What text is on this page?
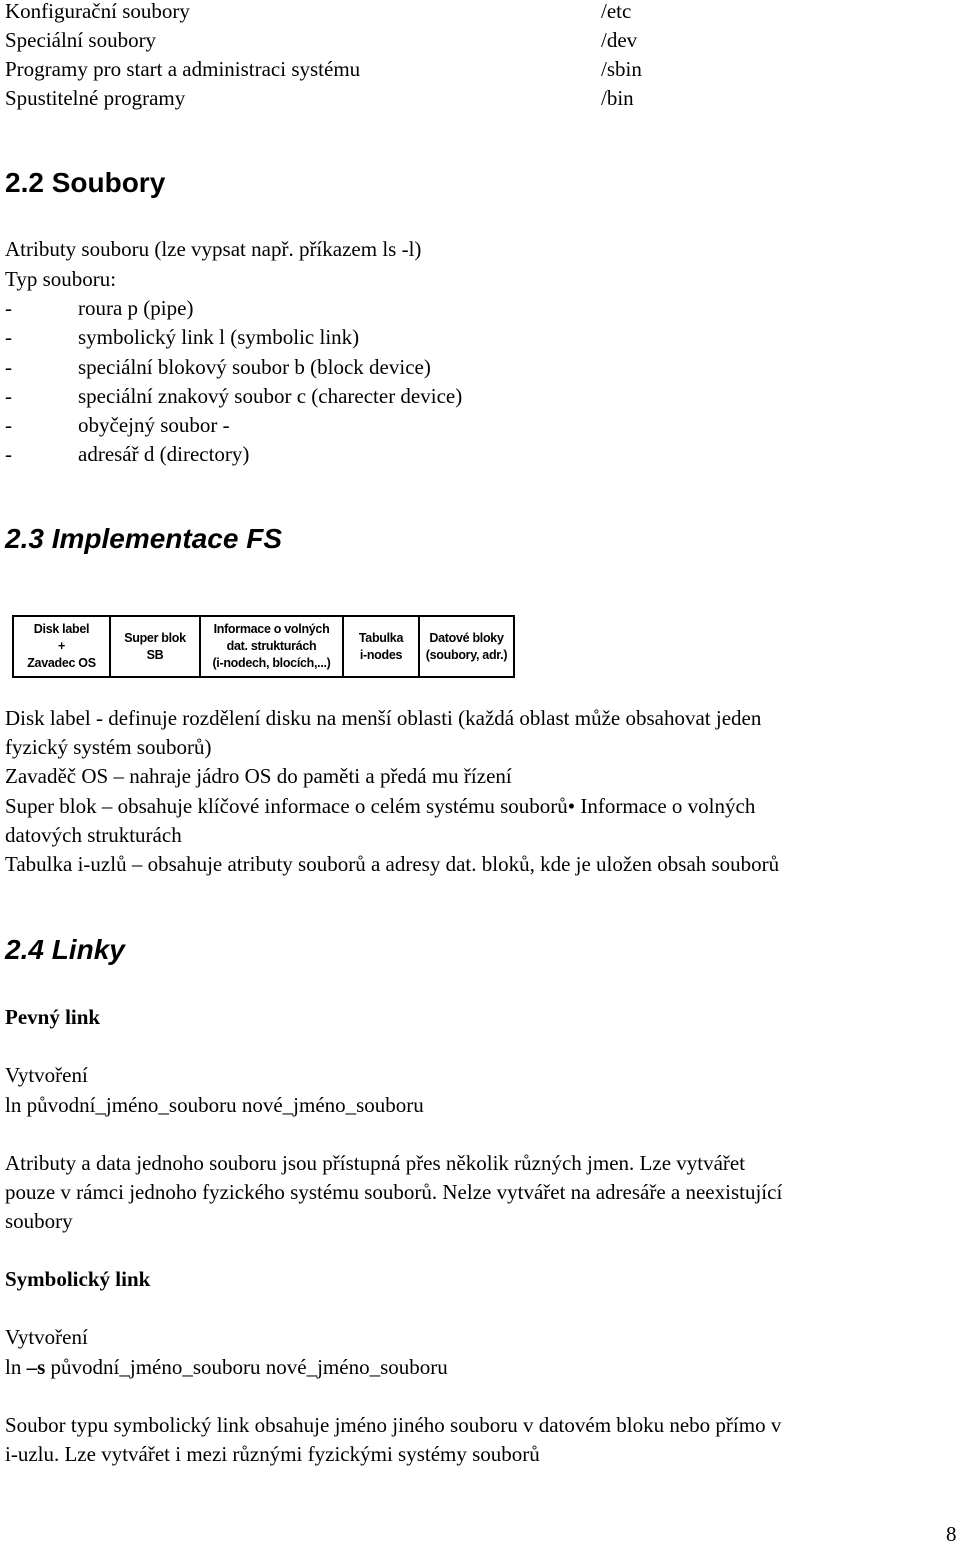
Konfigurační soubory	/etc
Speciální soubory	/dev
Programy pro start a administraci systému	/sbin
Spustitelné programy	/bin
2.2 Soubory
Atributy souboru (lze vypsat např. příkazem ls -l)
Typ souboru:
-	roura p (pipe)
-	symbolický link l (symbolic link)
-	speciální blokový soubor b (block device)
-	speciální znakový soubor c (charecter device)
-	obyčejný soubor -
-	adresář d (directory)
2.3 Implementace FS
Disk label
+
Zavadec OS
Super blok
SB
Informace o volných
dat. strukturách
(i-nodech, blocích,...)
Tabulka
i-nodes
Datové bloky
(soubory, adr.)
Disk label - definuje rozdělení disku na menší oblasti (každá oblast může obsahovat jeden
fyzický systém souborů)
Zavaděč OS – nahraje jádro OS do paměti a předá mu řízení
Super blok – obsahuje klíčové informace o celém systému souborů• Informace o volných
datových strukturách
Tabulka i-uzlů – obsahuje atributy souborů a adresy dat. bloků, kde je uložen obsah souborů
2.4 Linky
Pevný link
Vytvoření
ln původní_jméno_souboru nové_jméno_souboru
Atributy a data jednoho souboru jsou přístupná přes několik různých jmen. Lze vytvářet
pouze v rámci jednoho fyzického systému souborů. Nelze vytvářet na adresáře a neexistující
soubory
Symbolický link
Vytvoření
ln –s původní_jméno_souboru nové_jméno_souboru
Soubor typu symbolický link obsahuje jméno jiného souboru v datovém bloku nebo přímo v
i-uzlu. Lze vytvářet i mezi různými fyzickými systémy souborů
8
